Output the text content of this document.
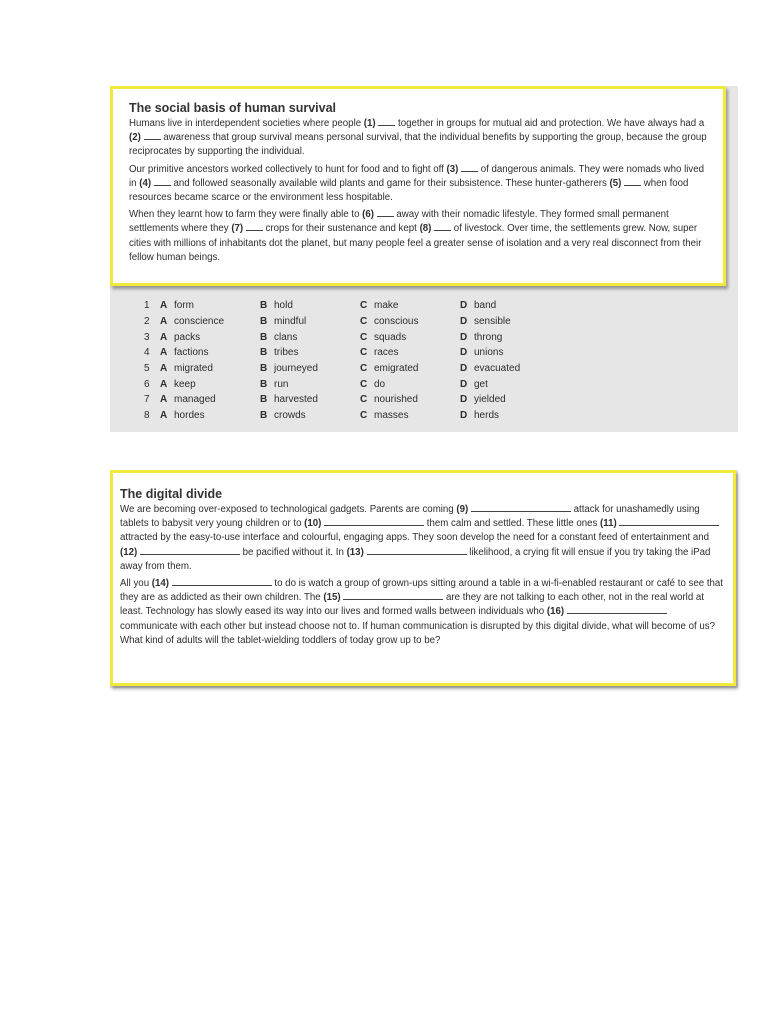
The social basis of human survival

Humans live in interdependent societies where people (1)  together in groups for mutual aid and protection. We have always had a (2)  awareness that group survival means personal survival, that the individual benefits by supporting the group, because the group reciprocates by supporting the individual.

Our primitive ancestors worked collectively to hunt for food and to fight off (3)  of dangerous animals. They were nomads who lived in (4)  and followed seasonally available wild plants and game for their subsistence. These hunter-gatherers (5)  when food resources became scarce or the environment less hospitable.

When they learnt how to farm they were finally able to (6)  away with their nomadic lifestyle. They formed small permanent settlements where they (7)  crops for their sustenance and kept (8)  of livestock. Over time, the settlements grew. Now, super cities with millions of inhabitants dot the planet, but many people feel a greater sense of isolation and a very real disconnect from their fellow human beings.

1	A	form	B	hold	C	make	D	band
2	A	conscience	B	mindful	C	conscious	D	sensible
3	A	packs	B	clans	C	squads	D	throng
4	A	factions	B	tribes	C	races	D	unions
5	A	migrated	B	journeyed	C	emigrated	D	evacuated
6	A	keep	B	run	C	do	D	get
7	A	managed	B	harvested	C	nourished	D	yielded
8	A	hordes	B	crowds	C	masses	D	herds
The digital divide

We are becoming over-exposed to technological gadgets. Parents are coming (9)	attack for unashamedly using tablets to babysit very young children or to (10)	them calm and settled. These little ones (11)  attracted by the easy-to-use interface and colourful, engaging apps. They soon develop the need for a constant feed of entertainment and (12)	be pacified without it. In (13)	likelihood, a crying fit will ensue if you try taking the iPad away from them.

All you (14)	to do is watch a group of grown-ups sitting around a table in a wi-fi-enabled restaurant or café to see that they are as addicted as their own children. The (15)	are they are not talking to each other, not in the real world at least. Technology has slowly eased its way into our lives and formed walls between individuals who (16)  communicate with each other but instead choose not to. If human communication is disrupted by this digital divide, what will become of us? What kind of adults will the tablet-wielding toddlers of today grow up to be?
